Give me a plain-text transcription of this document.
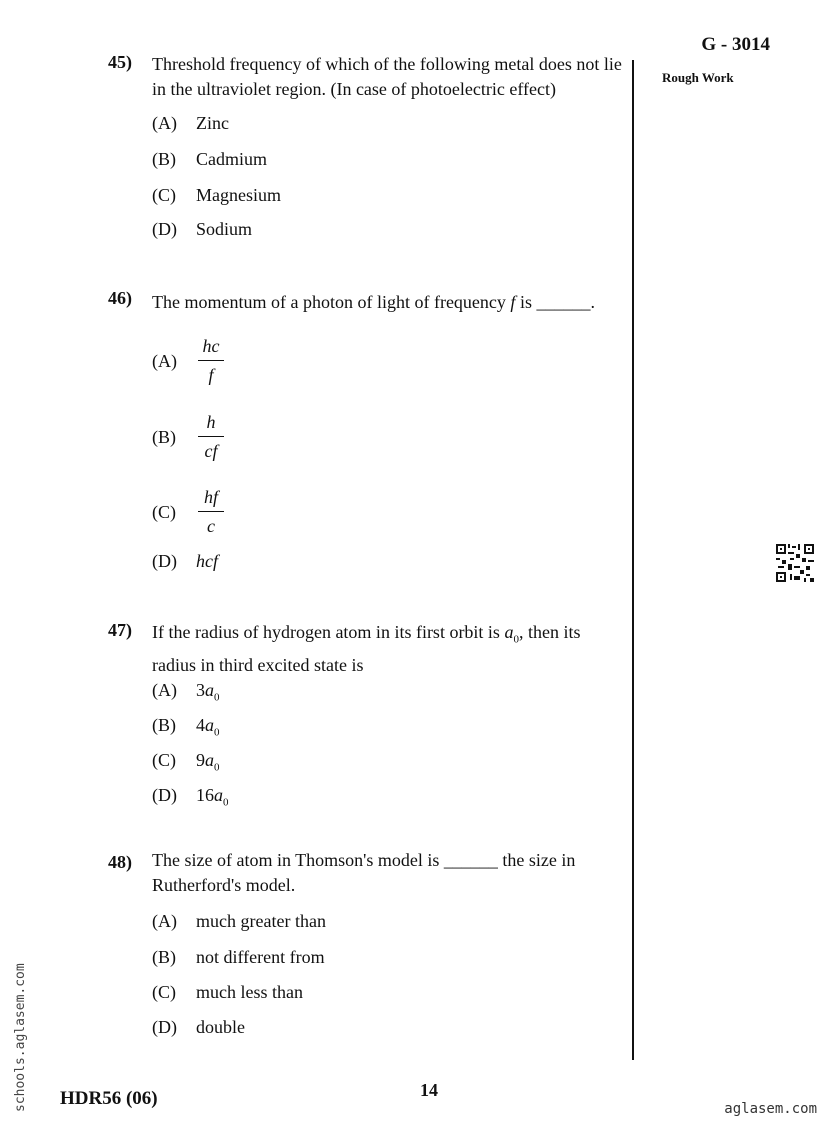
G - 3014
Rough Work
45) Threshold frequency of which of the following metal does not lie in the ultraviolet region. (In case of photoelectric effect)
(A) Zinc
(B) Cadmium
(C) Magnesium
(D) Sodium
46) The momentum of a photon of light of frequency f is ______.
(A)
hc
f
(B)
h
cf
(C)
hf
c
(D) hcf
47) If the radius of hydrogen atom in its first orbit is $a_0$, then its radius in third excited state is
(A) $3a_0$
(B) $4a_0$
(C) $9a_0$
(D) $16a_0$
48) The size of atom in Thomson's model is ______ the size in Rutherford's model.
(A) much greater than
(B) not different from
(C) much less than
(D) double
HDR56 (06)	14
schools.aglasem.com	aglasem.com
